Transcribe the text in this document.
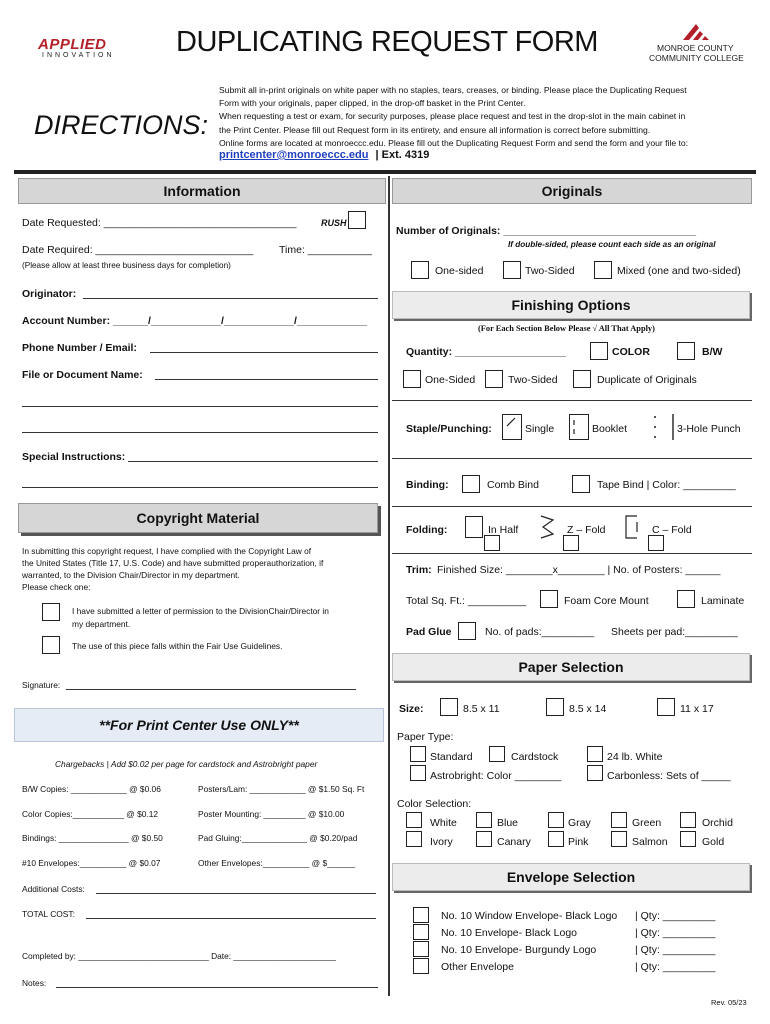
APPLIED
INNOVATION DUPLICATING REQUEST FORM	MONROE COUNTY
COMMUNITY COLLEGE
DIRECTIONS:
Submit all in-print originals on white paper with no staples, tears, creases, or binding. Please place the Duplicating Request
Form with your originals, paper clipped, in the drop-off basket in the Print Center.
When requesting a test or exam, for security purposes, please place request and test in the drop-slot in the main cabinet in
the Print Center. Please fill out Request form in its entirety, and ensure all information is correct before submitting.
Online forms are located at monroeccc.edu. Please fill out the Duplicating Request Form and send the form and your file to:
printcenter@monroeccc.edu | Ext. 4319
Information	Originals
Date Requested: _________________________________	RUSH
Date Required: ___________________________ Time: ___________
(Please allow at least three business days for completion)
Originator:
Account Number: ______/____________/____________/____________
Phone Number / Email:
File or Document Name:
Special Instructions:
Copyright Material
In submitting this copyright request, I have complied with the Copyright Law of
the United States (Title 17, U.S. Code) and have submitted properauthorization, if
warranted, to the Division Chair/Director in my department.
Please check one:
I have submitted a letter of permission to the DivisionChair/Director in
my department.
The use of this piece falls within the Fair Use Guidelines.
Signature:
**For Print Center Use ONLY**
Chargebacks | Add $0.02 per page for cardstock and Astrobright paper
B/W Copies: ____________ @ $0.06	Posters/Lam: ____________ @ $1.50 Sq. Ft
Color Copies:___________ @ $0.12	Poster Mounting: _________ @ $10.00
Bindings: _______________ @ $0.50	Pad Gluing:______________ @ $0.20/pad
#10 Envelopes:__________ @ $0.07	Other Envelopes:__________ @ $______
Additional Costs:
TOTAL COST:
Completed by: ____________________________ Date: ______________________
Notes:
Number of Originals: _________________________________
If double-sided, please count each side as an original
One-sided	Two-Sided	Mixed (one and two-sided)
Finishing Options
(For Each Section Below Please √ All That Apply)
Quantity: ___________________	COLOR	B/W
One-Sided	Two-Sided	Duplicate of Originals
Staple/Punching:	Single	Booklet	3-Hole Punch
Binding:	Comb Bind	Tape Bind | Color: _________
Folding:	In Half	Z – Fold	C – Fold
Trim: Finished Size: ________x________ | No. of Posters: ______
Total Sq. Ft.: __________	Foam Core Mount	Laminate
Pad Glue	No. of pads:_________ Sheets per pad:_________
Paper Selection
Size:	8.5 x 11	8.5 x 14	11 x 17
Paper Type:
Standard	Cardstock	24 lb. White
Astrobright: Color ________	Carbonless: Sets of _____
Color Selection:
White	Blue	Gray	Green	Orchid
Ivory	Canary	Pink	Salmon	Gold
Envelope Selection
No. 10 Window Envelope- Black Logo | Qty: _________
No. 10 Envelope- Black Logo	| Qty: _________
No. 10 Envelope- Burgundy Logo	| Qty: _________
Other Envelope	| Qty: _________
Rev. 05/23
